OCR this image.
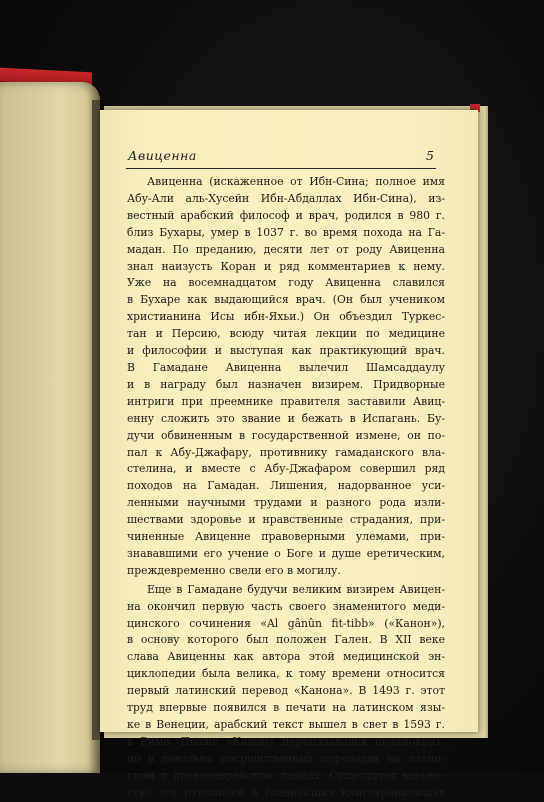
Авиценна	5

Авиценна (искаженное от Ибн-Сина; полное имя
Абу-Али аль-Хусейн Ибн-Абдаллах Ибн-Сина), из-
вестный арабский философ и врач, родился в 980 г.
близ Бухары, умер в 1037 г. во время похода на Га-
мадан. По преданию, десяти лет от роду Авиценна
знал наизусть Коран и ряд комментариев к нему.
Уже на восемнадцатом году Авиценна славился
в Бухаре как выдающийся врач. (Он был учеником
христианина Исы ибн-Яхьи.) Он объездил Туркес-
тан и Персию, всюду читая лекции по медицине
и философии и выступая как практикующий врач.
В Гамадане Авиценна вылечил Шамсаддаулу
и в награду был назначен визирем. Придворные
интриги при преемнике правителя заставили Авиц-
енну сложить это звание и бежать в Испагань. Бу-
дучи обвиненным в государственной измене, он по-
пал к Абу-Джафару, противнику гамаданского вла-
стелина, и вместе с Абу-Джафаром совершил ряд
походов на Гамадан. Лишения, надорванное уси-
ленными научными трудами и разного рода изли-
шествами здоровье и нравственные страдания, при-
чиненные Авиценне правоверными улемами, при-
знававшими его учение о Боге и душе еретическим,
преждевременно свели его в могилу.

Еще в Гамадане будучи великим визирем Авицен-
на окончил первую часть своего знаменитого меди-
цинского сочинения «Al gânûn fit-tibb» («Канон»),
в основу которого был положен Гален. В XII веке
слава Авиценны как автора этой медицинской эн-
циклопедии была велика, к тому времени относится
первый латинский перевод «Канона». В 1493 г. этот
труд впервые появился в печати на латинском язы-
ке в Венеции, арабский текст вышел в свет в 1593 г.
в Риме. Позже «Канон» переиздавался неоднократ-
но в довольно посредственных переводах на латин-
ском и древнееврейском языках. Существует множе-
ство его рукописей в главнейших книгохранилищах
